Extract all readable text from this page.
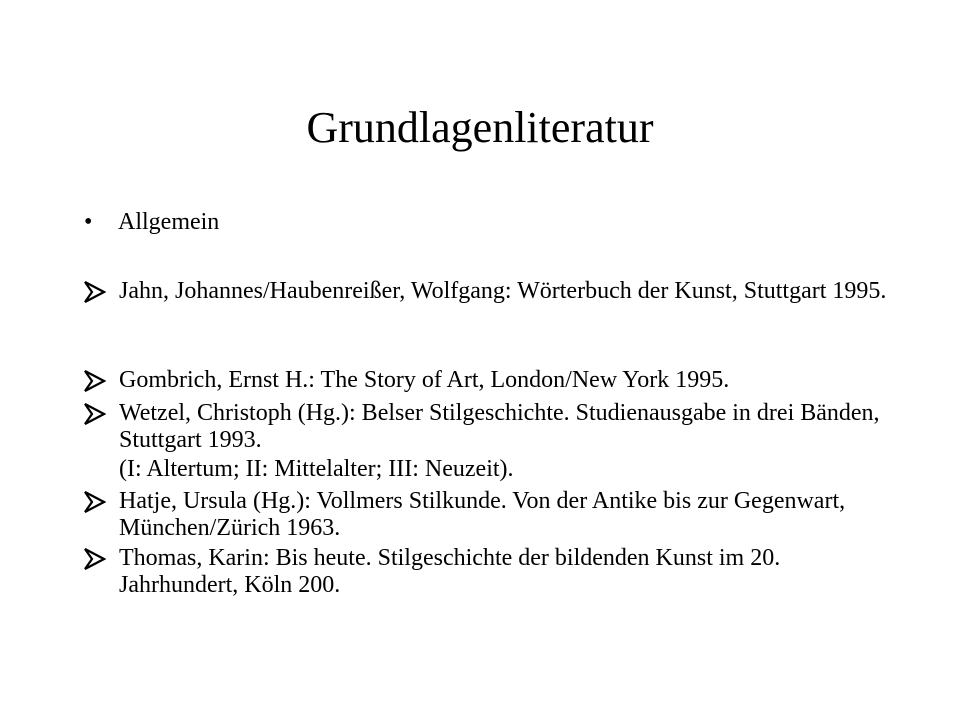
Grundlagenliteratur
•	Allgemein
Jahn, Johannes/Haubenreißer, Wolfgang: Wörterbuch der Kunst, Stuttgart 1995.
Gombrich, Ernst H.: The Story of Art, London/New York 1995.
Wetzel, Christoph (Hg.): Belser Stilgeschichte. Studienausgabe in drei Bänden, Stuttgart 1993.
(I: Altertum; II: Mittelalter; III: Neuzeit).
Hatje, Ursula (Hg.): Vollmers Stilkunde. Von der Antike bis zur Gegenwart, München/Zürich 1963.
Thomas, Karin: Bis heute. Stilgeschichte der bildenden Kunst im 20. Jahrhundert, Köln 200.
